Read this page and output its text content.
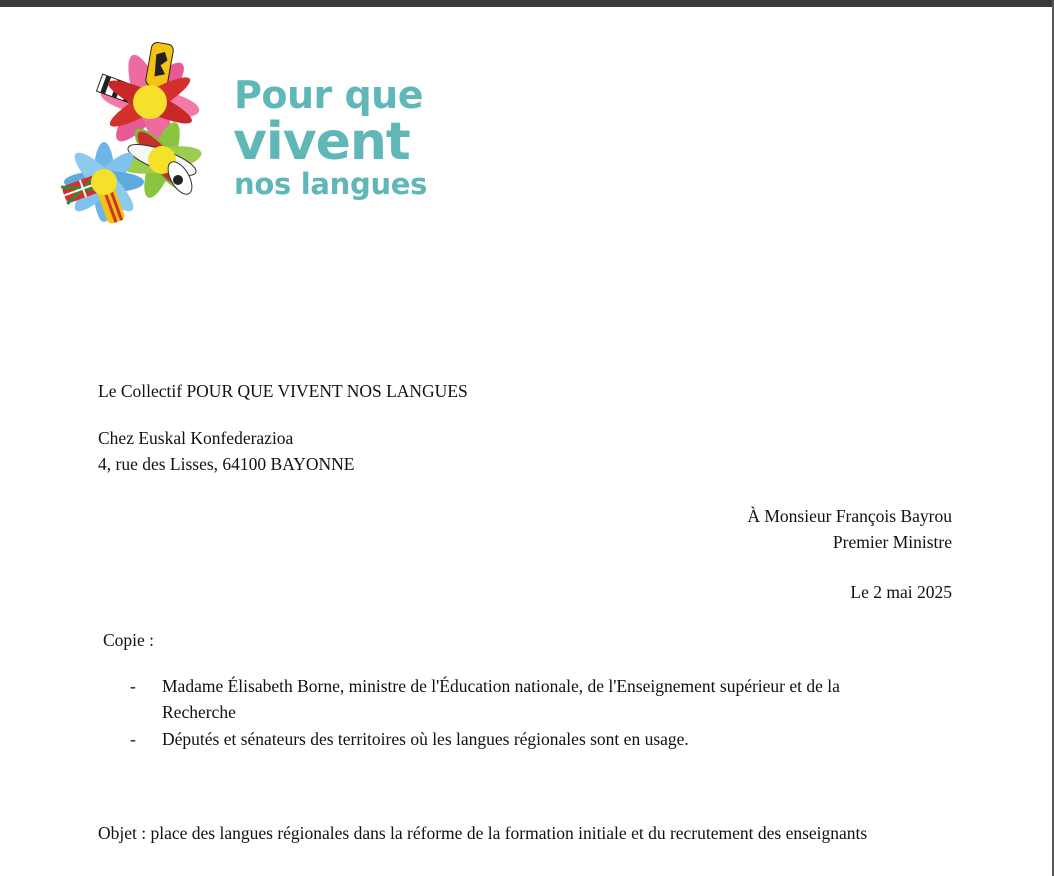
Pour que
vivent
nos langues
Le Collectif POUR QUE VIVENT NOS LANGUES
Chez Euskal Konfederazioa
4, rue des Lisses, 64100 BAYONNE
À Monsieur François Bayrou
Premier Ministre
Le 2 mai 2025
Copie :
- Madame Élisabeth Borne, ministre de l'Éducation nationale, de l'Enseignement supérieur et de la
Recherche
- Députés et sénateurs des territoires où les langues régionales sont en usage.
Objet : place des langues régionales dans la réforme de la formation initiale et du recrutement des enseignants
